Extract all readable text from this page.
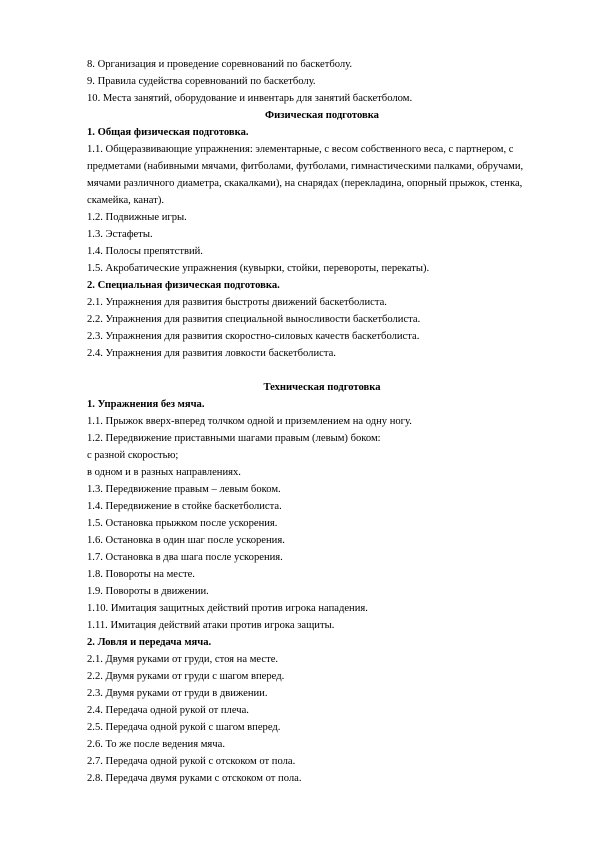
8. Организация и проведение соревнований по баскетболу.
9. Правила судейства соревнований по баскетболу.
10. Места занятий, оборудование и инвентарь для занятий баскетболом.
Физическая подготовка
1. Общая физическая подготовка.
1.1. Общеразвивающие упражнения: элементарные, с весом собственного веса, с партнером, с предметами (набивными мячами, фитболами, футболами, гимнастическими палками, обручами, мячами различного диаметра, скакалками), на снарядах (перекладина, опорный прыжок, стенка, скамейка, канат).
1.2. Подвижные игры.
1.3. Эстафеты.
1.4. Полосы препятствий.
1.5. Акробатические упражнения (кувырки, стойки, перевороты, перекаты).
2. Специальная физическая подготовка.
2.1. Упражнения для развития быстроты движений баскетболиста.
2.2. Упражнения для развития специальной выносливости баскетболиста.
2.3. Упражнения для развития скоростно-силовых качеств баскетболиста.
2.4. Упражнения для развития ловкости баскетболиста.
Техническая подготовка
1. Упражнения без мяча.
1.1. Прыжок вверх-вперед толчком одной и приземлением на одну ногу.
1.2. Передвижение приставными шагами правым (левым) боком:
с разной скоростью;
в одном и в разных направлениях.
1.3. Передвижение правым – левым боком.
1.4. Передвижение в стойке баскетболиста.
1.5. Остановка прыжком после ускорения.
1.6. Остановка в один шаг после ускорения.
1.7. Остановка в два шага после ускорения.
1.8. Повороты на месте.
1.9. Повороты в движении.
1.10. Имитация защитных действий против игрока нападения.
1.11. Имитация действий атаки против игрока защиты.
2. Ловля и передача мяча.
2.1. Двумя руками от груди, стоя на месте.
2.2. Двумя руками от груди с шагом вперед.
2.3. Двумя руками от груди в движении.
2.4. Передача одной рукой от плеча.
2.5. Передача одной рукой с шагом вперед.
2.6. То же после ведения мяча.
2.7. Передача одной рукой с отскоком от пола.
2.8. Передача двумя руками с отскоком от пола.
